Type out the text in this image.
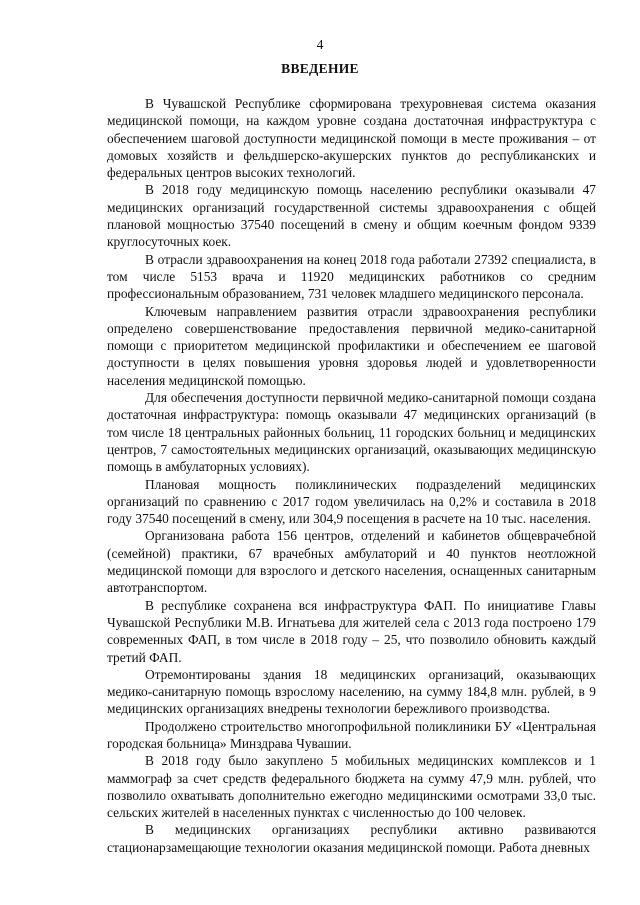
4
ВВЕДЕНИЕ

В Чувашской Республике сформирована трехуровневая система оказания медицинской помощи, на каждом уровне создана достаточная инфраструктура с обеспечением шаговой доступности медицинской помощи в месте проживания – от домовых хозяйств и фельдшерско-акушерских пунктов до республиканских и федеральных центров высоких технологий.

В 2018 году медицинскую помощь населению республики оказывали 47 медицинских организаций государственной системы здравоохранения с общей плановой мощностью 37540 посещений в смену и общим коечным фондом 9339 круглосуточных коек.

В отрасли здравоохранения на конец 2018 года работали 27392 специалиста, в том числе 5153 врача и 11920 медицинских работников со средним профессиональным образованием, 731 человек младшего медицинского персонала.

Ключевым направлением развития отрасли здравоохранения республики определено совершенствование предоставления первичной медико-санитарной помощи с приоритетом медицинской профилактики и обеспечением ее шаговой доступности в целях повышения уровня здоровья людей и удовлетворенности населения медицинской помощью.

Для обеспечения доступности первичной медико-санитарной помощи создана достаточная инфраструктура: помощь оказывали 47 медицинских организаций (в том числе 18 центральных районных больниц, 11 городских больниц и медицинских центров, 7 самостоятельных медицинских организаций, оказывающих медицинскую помощь в амбулаторных условиях).

Плановая мощность поликлинических подразделений медицинских организаций по сравнению с 2017 годом увеличилась на 0,2% и составила в 2018 году 37540 посещений в смену, или 304,9 посещения в расчете на 10 тыс. населения.

Организована работа 156 центров, отделений и кабинетов общеврачебной (семейной) практики, 67 врачебных амбулаторий и 40 пунктов неотложной медицинской помощи для взрослого и детского населения, оснащенных санитарным автотранспортом.

В республике сохранена вся инфраструктура ФАП. По инициативе Главы Чувашской Республики М.В. Игнатьева для жителей села с 2013 года построено 179 современных ФАП, в том числе в 2018 году – 25, что позволило обновить каждый третий ФАП.

Отремонтированы здания 18 медицинских организаций, оказывающих медико-санитарную помощь взрослому населению, на сумму 184,8 млн. рублей, в 9 медицинских организациях внедрены технологии бережливого производства.

Продолжено строительство многопрофильной поликлиники БУ «Центральная городская больница» Минздрава Чувашии.

В 2018 году было закуплено 5 мобильных медицинских комплексов и 1 маммограф за счет средств федерального бюджета на сумму 47,9 млн. рублей, что позволило охватывать дополнительно ежегодно медицинскими осмотрами 33,0 тыс. сельских жителей в населенных пунктах с численностью до 100 человек.

В медицинских организациях республики активно развиваются стационарзамещающие технологии оказания медицинской помощи. Работа дневных
